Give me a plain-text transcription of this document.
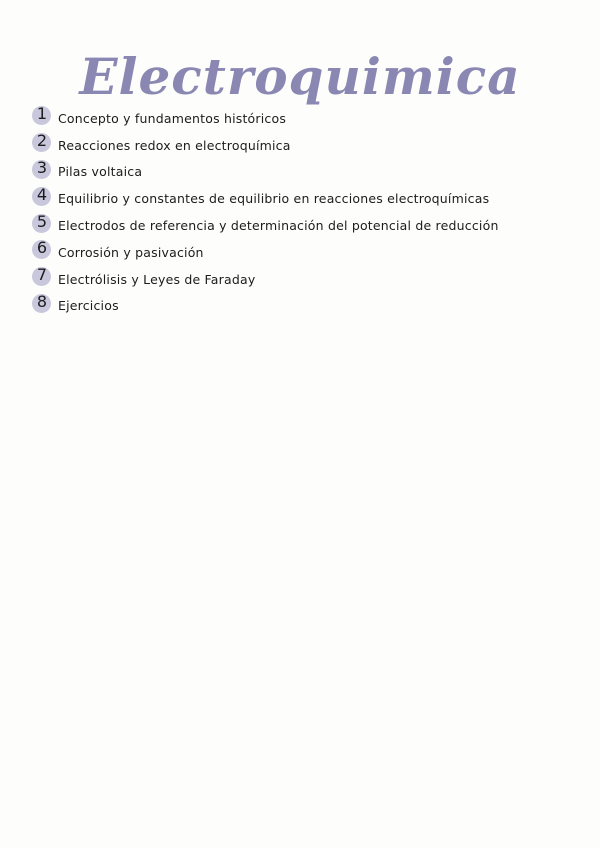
Electroquimica
1 Concepto y fundamentos históricos
2 Reacciones redox en electroquímica
3 Pilas voltaica
4 Equilibrio y constantes de equilibrio en reacciones electroquímicas
5 Electrodos de referencia y determinación del potencial de reducción
6 Corrosión y pasivación
7 Electrólisis y Leyes de Faraday
8 Ejercicios
